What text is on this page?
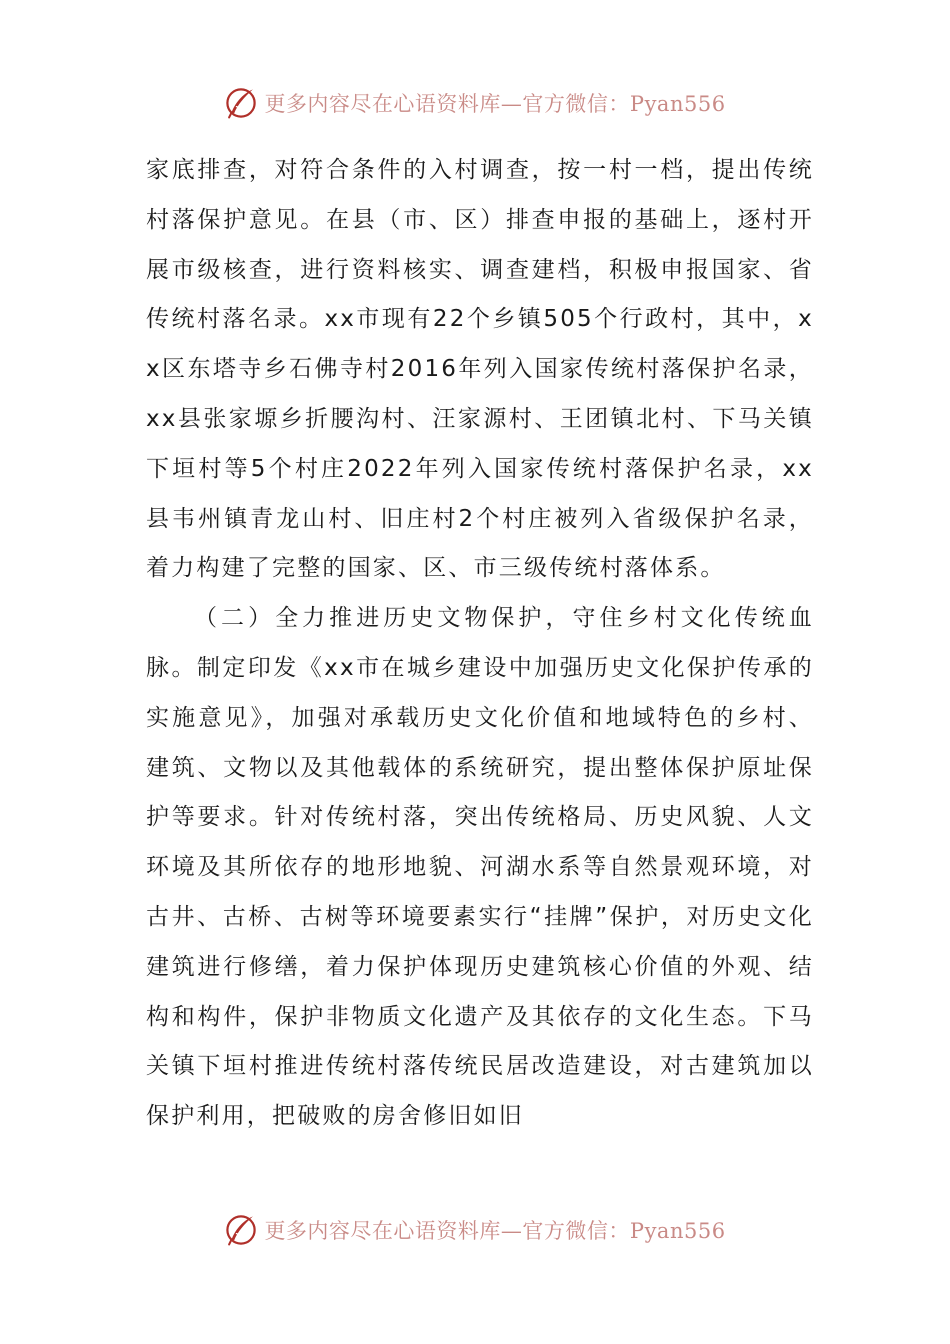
更多内容尽在心语资料库—官方微信：Pyan556

家底排查，对符合条件的入村调查，按一村一档，提出传统村落保护意见。在县（市、区）排查申报的基础上，逐村开展市级核查，进行资料核实、调查建档，积极申报国家、省传统村落名录。xx市现有22个乡镇505个行政村，其中，xx区东塔寺乡石佛寺村2016年列入国家传统村落保护名录，xx县张家塬乡折腰沟村、汪家源村、王团镇北村、下马关镇下垣村等5个村庄2022年列入国家传统村落保护名录，xx县韦州镇青龙山村、旧庄村2个村庄被列入省级保护名录，着力构建了完整的国家、区、市三级传统村落体系。

（二）全力推进历史文物保护，守住乡村文化传统血脉。制定印发《xx市在城乡建设中加强历史文化保护传承的实施意见》，加强对承载历史文化价值和地域特色的乡村、建筑、文物以及其他载体的系统研究，提出整体保护原址保护等要求。针对传统村落，突出传统格局、历史风貌、人文环境及其所依存的地形地貌、河湖水系等自然景观环境，对古井、古桥、古树等环境要素实行“挂牌”保护，对历史文化建筑进行修缮，着力保护体现历史建筑核心价值的外观、结构和构件，保护非物质文化遗产及其依存的文化生态。下马关镇下垣村推进传统村落传统民居改造建设，对古建筑加以保护利用，把破败的房舍修旧如旧

更多内容尽在心语资料库—官方微信：Pyan556
